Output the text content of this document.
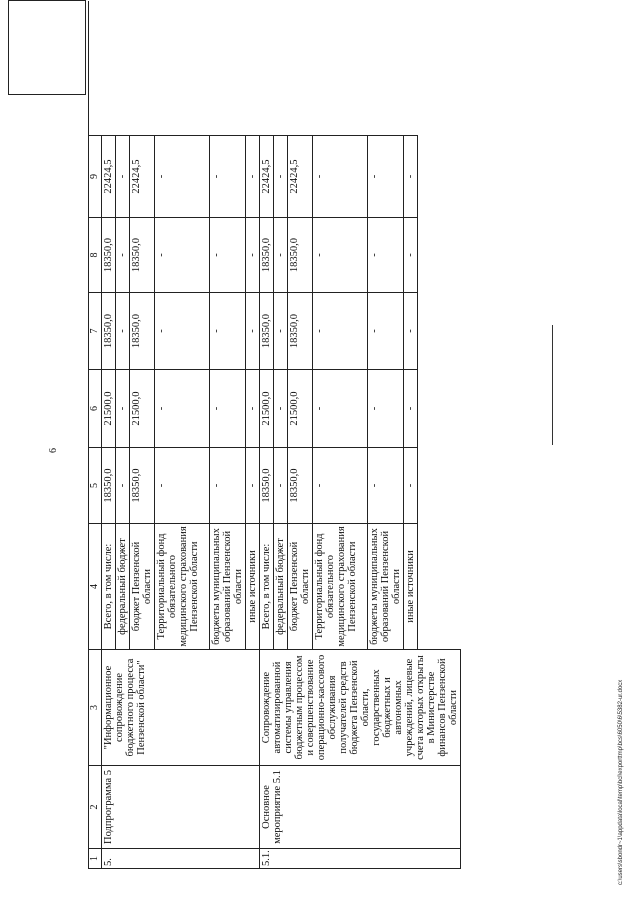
6
1
2
3
4
5
6
7
8
9
5.
Подпрограмма 5
"Информационное сопровождение бюджетного процесса Пензенской области"
Всего, в том числе:
18350,0
21500,0
18350,0
18350,0
22424,5
федеральный бюджет
-
-
-
-
-
бюджет Пензенской области
18350,0
21500,0
18350,0
18350,0
22424,5
Территориальный фонд обязательного медицинского страхования Пензенской области
-
-
-
-
-
бюджеты муниципальных образований Пензенской области
-
-
-
-
-
иные источники
-
-
-
-
-
5.1.
Основное мероприятие 5.1
Сопровождение автоматизированной системы управления бюджетным процессом и совершенствование операционно-кассового обслуживания получателей средств бюджета Пензенской области, государственных бюджетных и автономных учреждений, лицевые счета которых открыты в Министерстве финансов Пензенской области
Всего, в том числе:
18350,0
21500,0
18350,0
18350,0
22424,5
федеральный бюджет
-
-
-
-
-
бюджет Пензенской области
18350,0
21500,0
18350,0
18350,0
22424,5
Территориальный фонд обязательного медицинского страхования Пензенской области
-
-
-
-
-
бюджеты муниципальных образований Пензенской области
-
-
-
-
-
иные источники
-
-
-
-
-
c:\users\sbondr~1\appdata\local\temp\bcl\exporttmp\bcs\6050\6\5382-ur.docx
